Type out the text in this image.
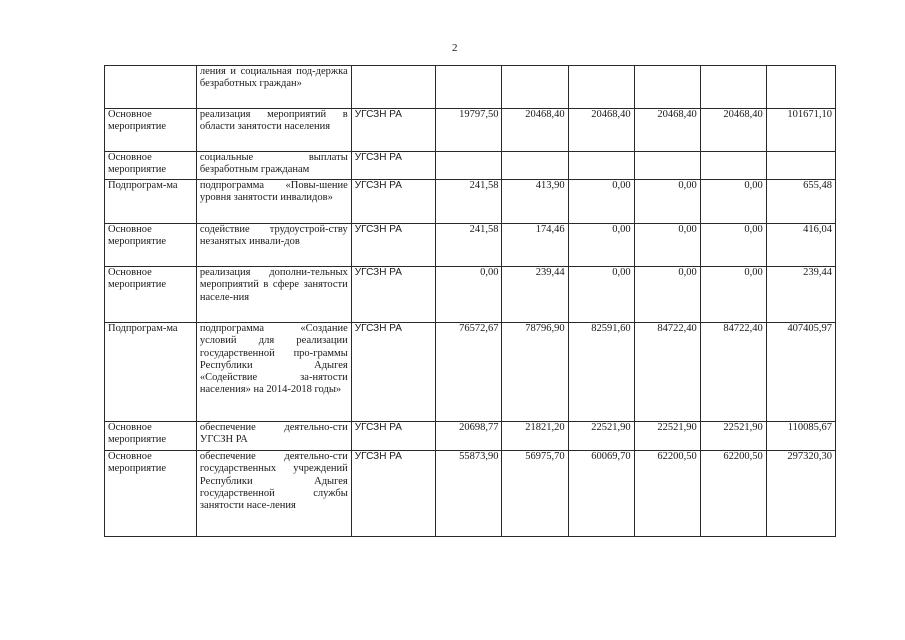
2
	ления и социальная под-держка безработных граждан»							
Основное мероприятие	реализация мероприятий в области занятости населения	УГСЗН РА	19797,50	20468,40	20468,40	20468,40	20468,40	101671,10
Основное мероприятие	социальные выплаты безработным гражданам	УГСЗН РА						
Подпрограм-ма	подпрограмма «Повы-шение уровня занятости инвалидов»	УГСЗН РА	241,58	413,90	0,00	0,00	0,00	655,48
Основное мероприятие	содействие трудоустрой-ству незанятых инвали-дов	УГСЗН РА	241,58	174,46	0,00	0,00	0,00	416,04
Основное мероприятие	реализация дополни-тельных мероприятий в сфере занятости населе-ния	УГСЗН РА	0,00	239,44	0,00	0,00	0,00	239,44
Подпрограм-ма	подпрограмма «Создание условий для реализации государственной про-граммы Республики Адыгея «Содействие за-нятости населения» на 2014-2018 годы»	УГСЗН РА	76572,67	78796,90	82591,60	84722,40	84722,40	407405,97
Основное мероприятие	обеспечение деятельно-сти УГСЗН РА	УГСЗН РА	20698,77	21821,20	22521,90	22521,90	22521,90	110085,67
Основное мероприятие	обеспечение деятельно-сти государственных учреждений Республики Адыгея государственной службы занятости насе-ления	УГСЗН РА	55873,90	56975,70	60069,70	62200,50	62200,50	297320,30
